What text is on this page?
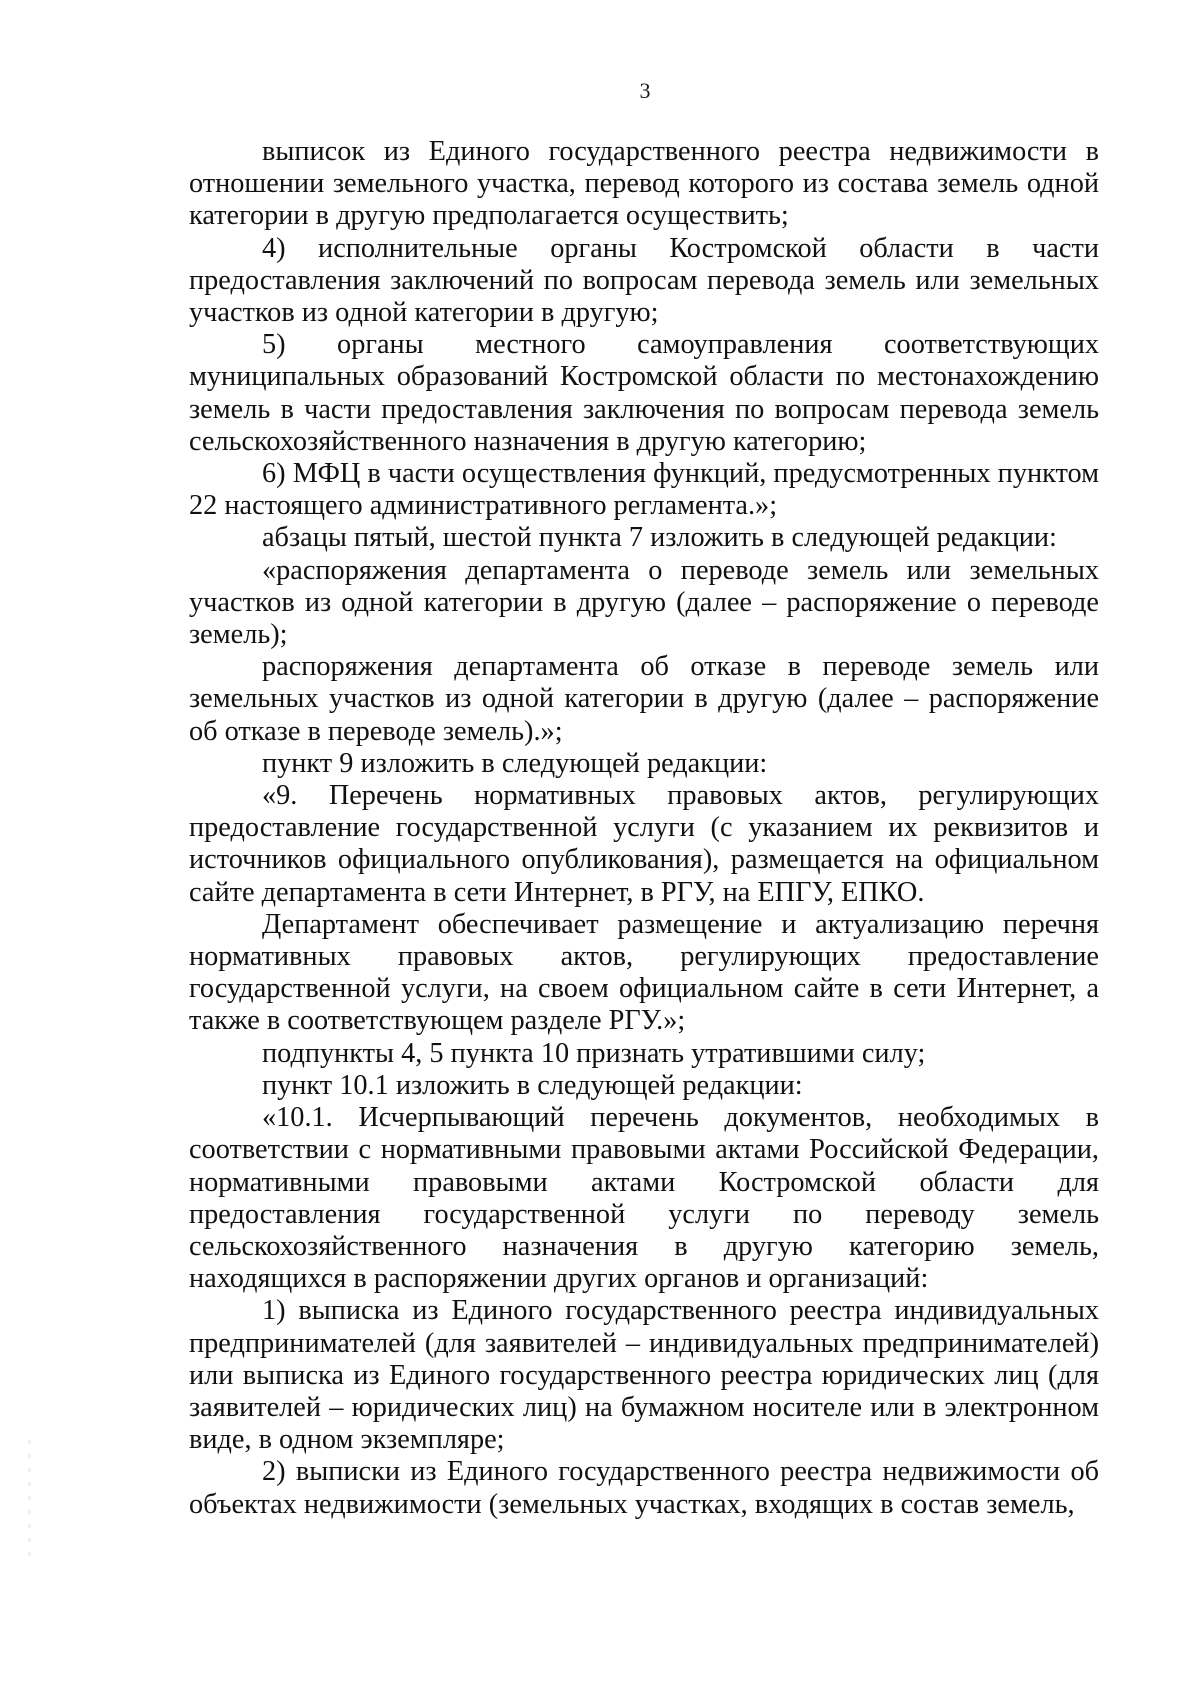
3

выписок из Единого государственного реестра недвижимости в отношении земельного участка, перевод которого из состава земель одной категории в другую предполагается осуществить;

4) исполнительные органы Костромской области в части предоставления заключений по вопросам перевода земель или земельных участков из одной категории в другую;

5) органы местного самоуправления соответствующих муниципальных образований Костромской области по местонахождению земель в части предоставления заключения по вопросам перевода земель сельскохозяйственного назначения в другую категорию;

6) МФЦ в части осуществления функций, предусмотренных пунктом 22 настоящего административного регламента.»;

абзацы пятый, шестой пункта 7 изложить в следующей редакции:

«распоряжения департамента о переводе земель или земельных участков из одной категории в другую (далее – распоряжение о переводе земель);

распоряжения департамента об отказе в переводе земель или земельных участков из одной категории в другую (далее – распоряжение об отказе в переводе земель).»;

пункт 9 изложить в следующей редакции:

«9. Перечень нормативных правовых актов, регулирующих предоставление государственной услуги (с указанием их реквизитов и источников официального опубликования), размещается на официальном сайте департамента в сети Интернет, в РГУ, на ЕПГУ, ЕПКО.

Департамент обеспечивает размещение и актуализацию перечня нормативных правовых актов, регулирующих предоставление государственной услуги, на своем официальном сайте в сети Интернет, а также в соответствующем разделе РГУ.»;

подпункты 4, 5 пункта 10 признать утратившими силу;

пункт 10.1 изложить в следующей редакции:

«10.1. Исчерпывающий перечень документов, необходимых в соответствии с нормативными правовыми актами Российской Федерации, нормативными правовыми актами Костромской области для предоставления государственной услуги по переводу земель сельскохозяйственного назначения в другую категорию земель, находящихся в распоряжении других органов и организаций:

1) выписка из Единого государственного реестра индивидуальных предпринимателей (для заявителей – индивидуальных предпринимателей) или выписка из Единого государственного реестра юридических лиц (для заявителей – юридических лиц) на бумажном носителе или в электронном виде, в одном экземпляре;

2) выписки из Единого государственного реестра недвижимости об объектах недвижимости (земельных участках, входящих в состав земель,
